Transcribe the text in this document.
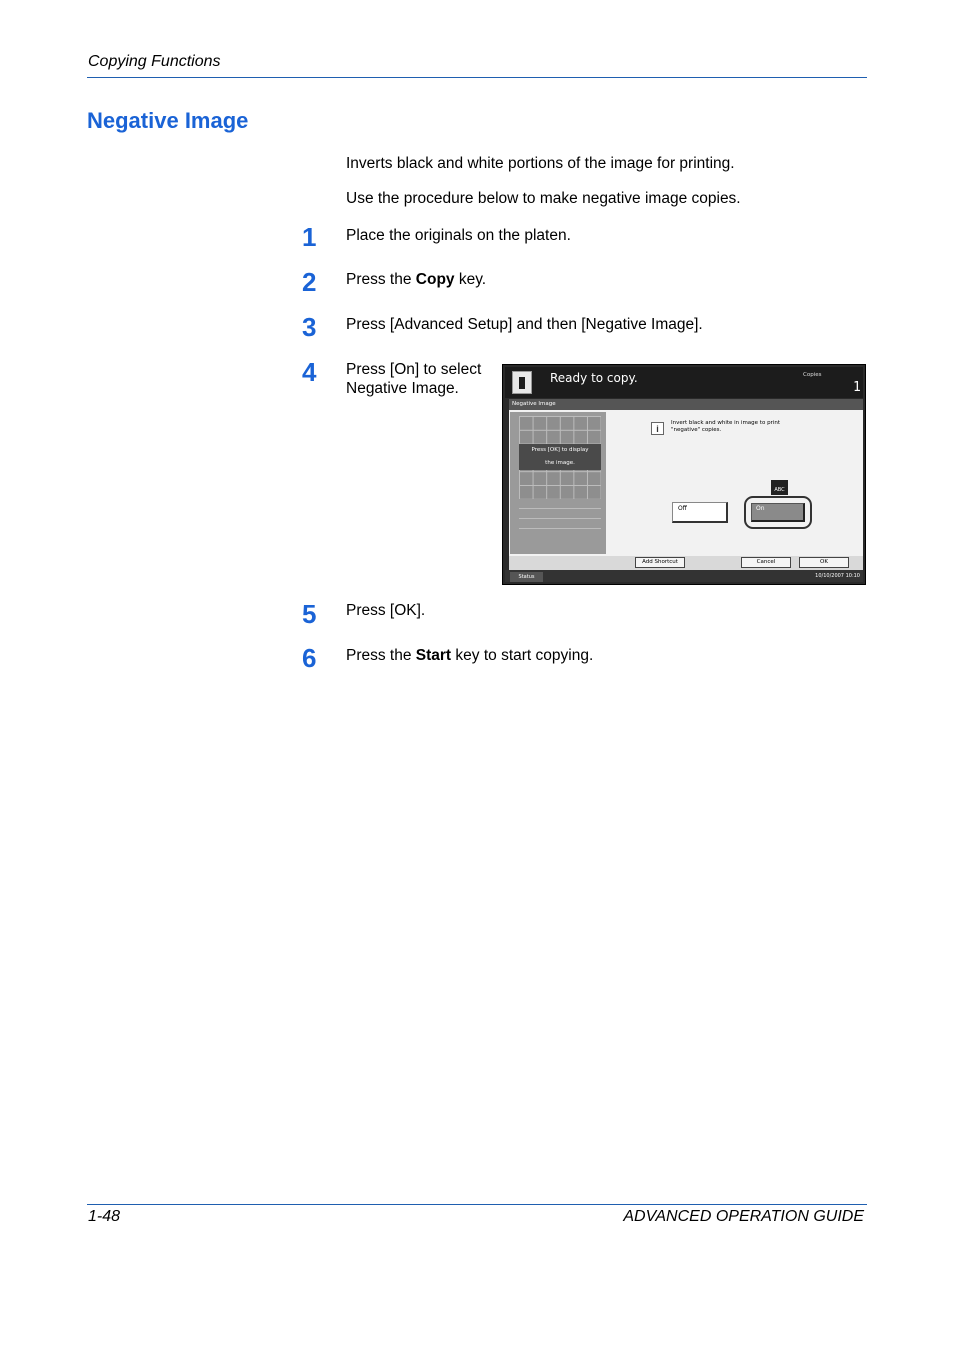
Copying Functions
Negative Image
Inverts black and white portions of the image for printing.
Use the procedure below to make negative image copies.
1 Place the originals on the platen.
2 Press the Copy key.
3 Press [Advanced Setup] and then [Negative Image].
4 Press [On] to select
Negative Image.
Ready to copy.	Copies
1
Negative Image
Press [OK] to display
the image.
i
Invert black and white in image to print
"negative" copies.
ABC
Off	On
Add Shortcut	Cancel	OK
Status	10/10/2007 10:10
5 Press [OK].
6 Press the Start key to start copying.
1-48	ADVANCED OPERATION GUIDE
